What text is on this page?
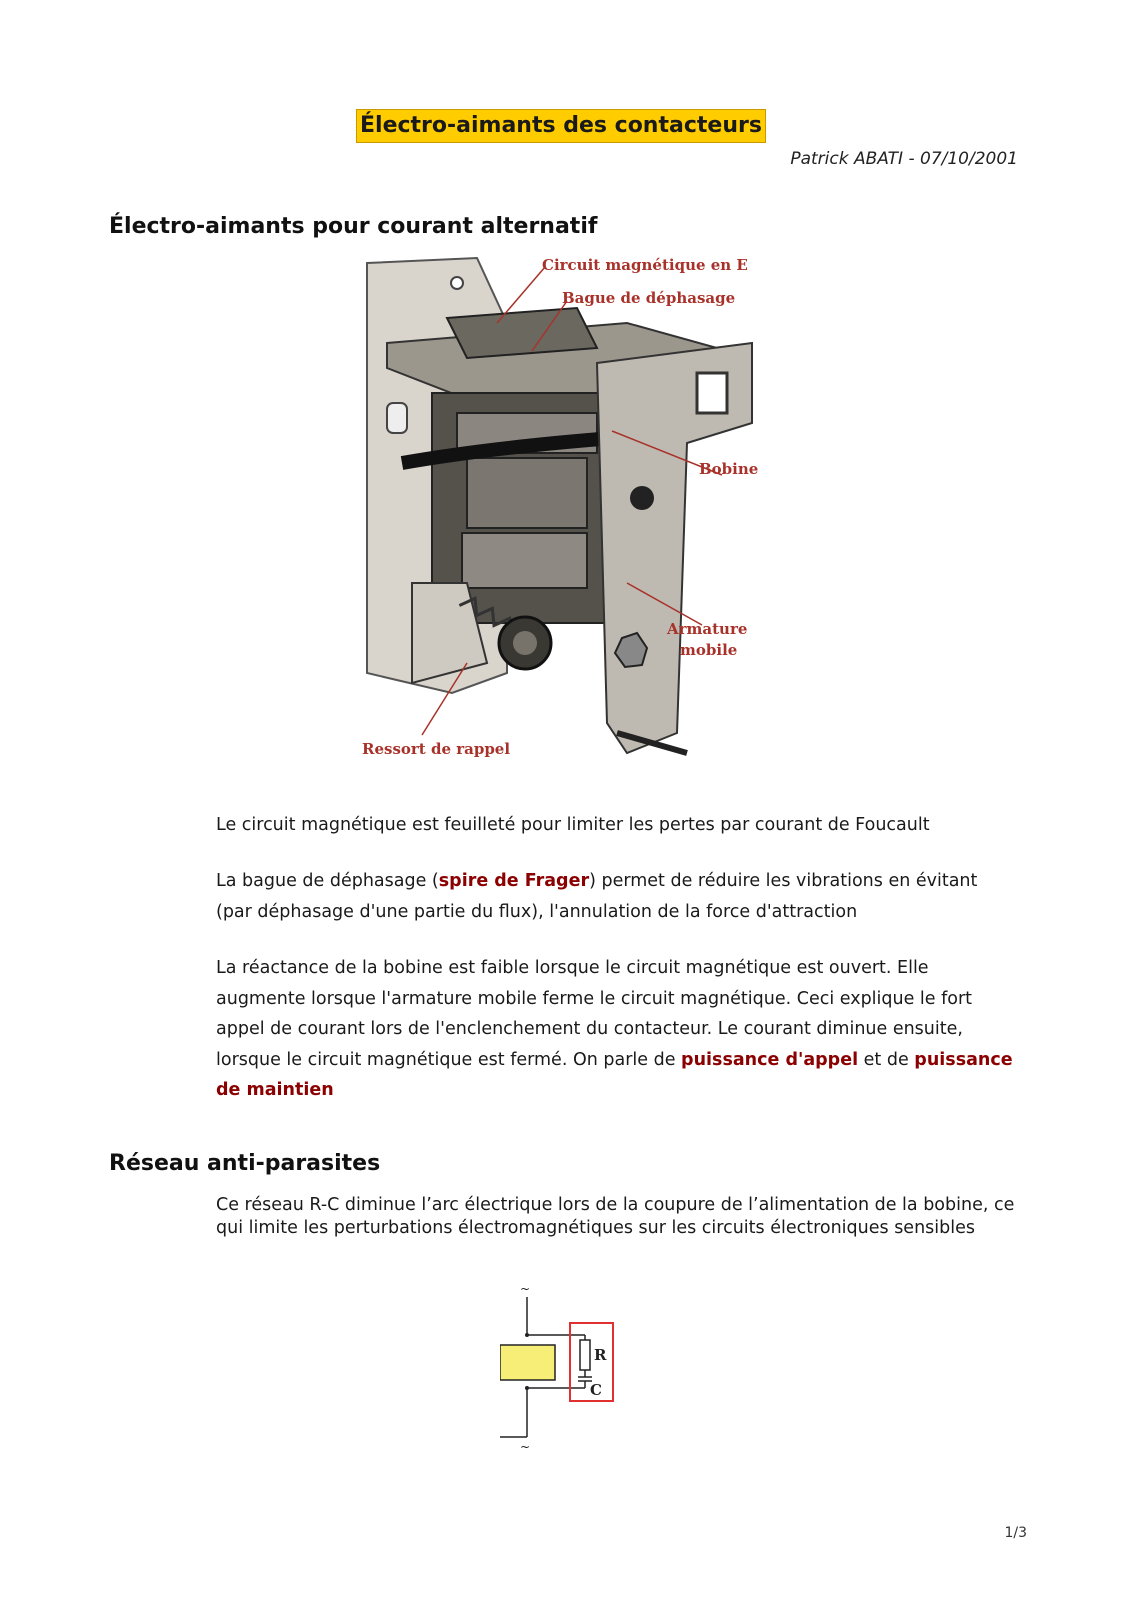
Électro-aimants des contacteurs
Patrick ABATI - 07/10/2001
Électro-aimants pour courant alternatif
Circuit magnétique en E
Bague de déphasage
Bobine
Armature
mobile
Ressort de rappel

Le circuit magnétique est feuilleté pour limiter les pertes par courant de Foucault

La bague de déphasage (spire de Frager) permet de réduire les vibrations en évitant (par déphasage d'une partie du flux), l'annulation de la force d'attraction

La réactance de la bobine est faible lorsque le circuit magnétique est ouvert. Elle augmente lorsque l'armature mobile ferme le circuit magnétique. Ceci explique le fort appel de courant lors de l'enclenchement du contacteur. Le courant diminue ensuite, lorsque le circuit magnétique est fermé. On parle de puissance d'appel et de puissance de maintien

Réseau anti-parasites

Ce réseau R-C diminue l’arc électrique lors de la coupure de l’alimentation de la bobine, ce qui limite les perturbations électromagnétiques sur les circuits électroniques sensibles

~
R
C
~
1/3
